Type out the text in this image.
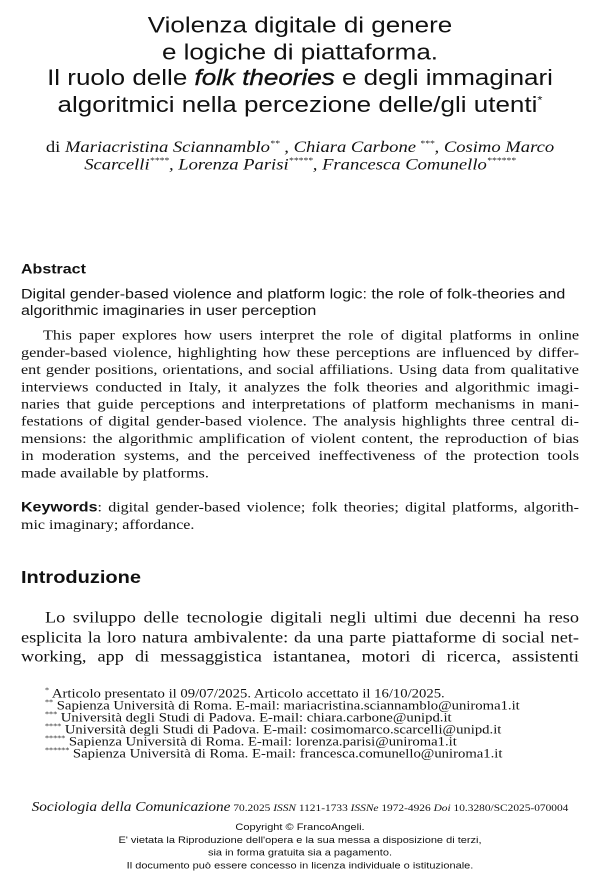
Violenza digitale di genere
e logiche di piattaforma.
Il ruolo delle folk theories e degli immaginari
algoritmici nella percezione delle/gli utenti*
di Mariacristina Sciannamblo** , Chiara Carbone ***, Cosimo Marco Scarcelli****, Lorenza Parisi*****, Francesca Comunello******
Abstract
Digital gender-based violence and platform logic: the role of folk-theories and algorithmic imaginaries in user perception
This paper explores how users interpret the role of digital platforms in online
gender-based violence, highlighting how these perceptions are influenced by differ-
ent gender positions, orientations, and social affiliations. Using data from qualitative
interviews conducted in Italy, it analyzes the folk theories and algorithmic imagi-
naries that guide perceptions and interpretations of platform mechanisms in mani-
festations of digital gender-based violence. The analysis highlights three central di-
mensions: the algorithmic amplification of violent content, the reproduction of bias
in moderation systems, and the perceived ineffectiveness of the protection tools
made available by platforms.
Keywords: digital gender-based violence; folk theories; digital platforms, algorith-
mic imaginary; affordance.
Introduzione
Lo sviluppo delle tecnologie digitali negli ultimi due decenni ha reso
esplicita la loro natura ambivalente: da una parte piattaforme di social net-
working, app di messaggistica istantanea, motori di ricerca, assistenti
* Articolo presentato il 09/07/2025. Articolo accettato il 16/10/2025.
** Sapienza Università di Roma. E-mail: mariacristina.sciannamblo@uniroma1.it
*** Università degli Studi di Padova. E-mail: chiara.carbone@unipd.it
**** Università degli Studi di Padova. E-mail: cosimomarco.scarcelli@unipd.it
***** Sapienza Università di Roma. E-mail: lorenza.parisi@uniroma1.it
****** Sapienza Università di Roma. E-mail: francesca.comunello@uniroma1.it
Sociologia della Comunicazione 70.2025 ISSN 1121-1733 ISSNe 1972-4926 Doi 10.3280/SC2025-070004
Copyright © FrancoAngeli.
E' vietata la Riproduzione dell'opera e la sua messa a disposizione di terzi,
sia in forma gratuita sia a pagamento.
Il documento può essere concesso in licenza individuale o istituzionale.
